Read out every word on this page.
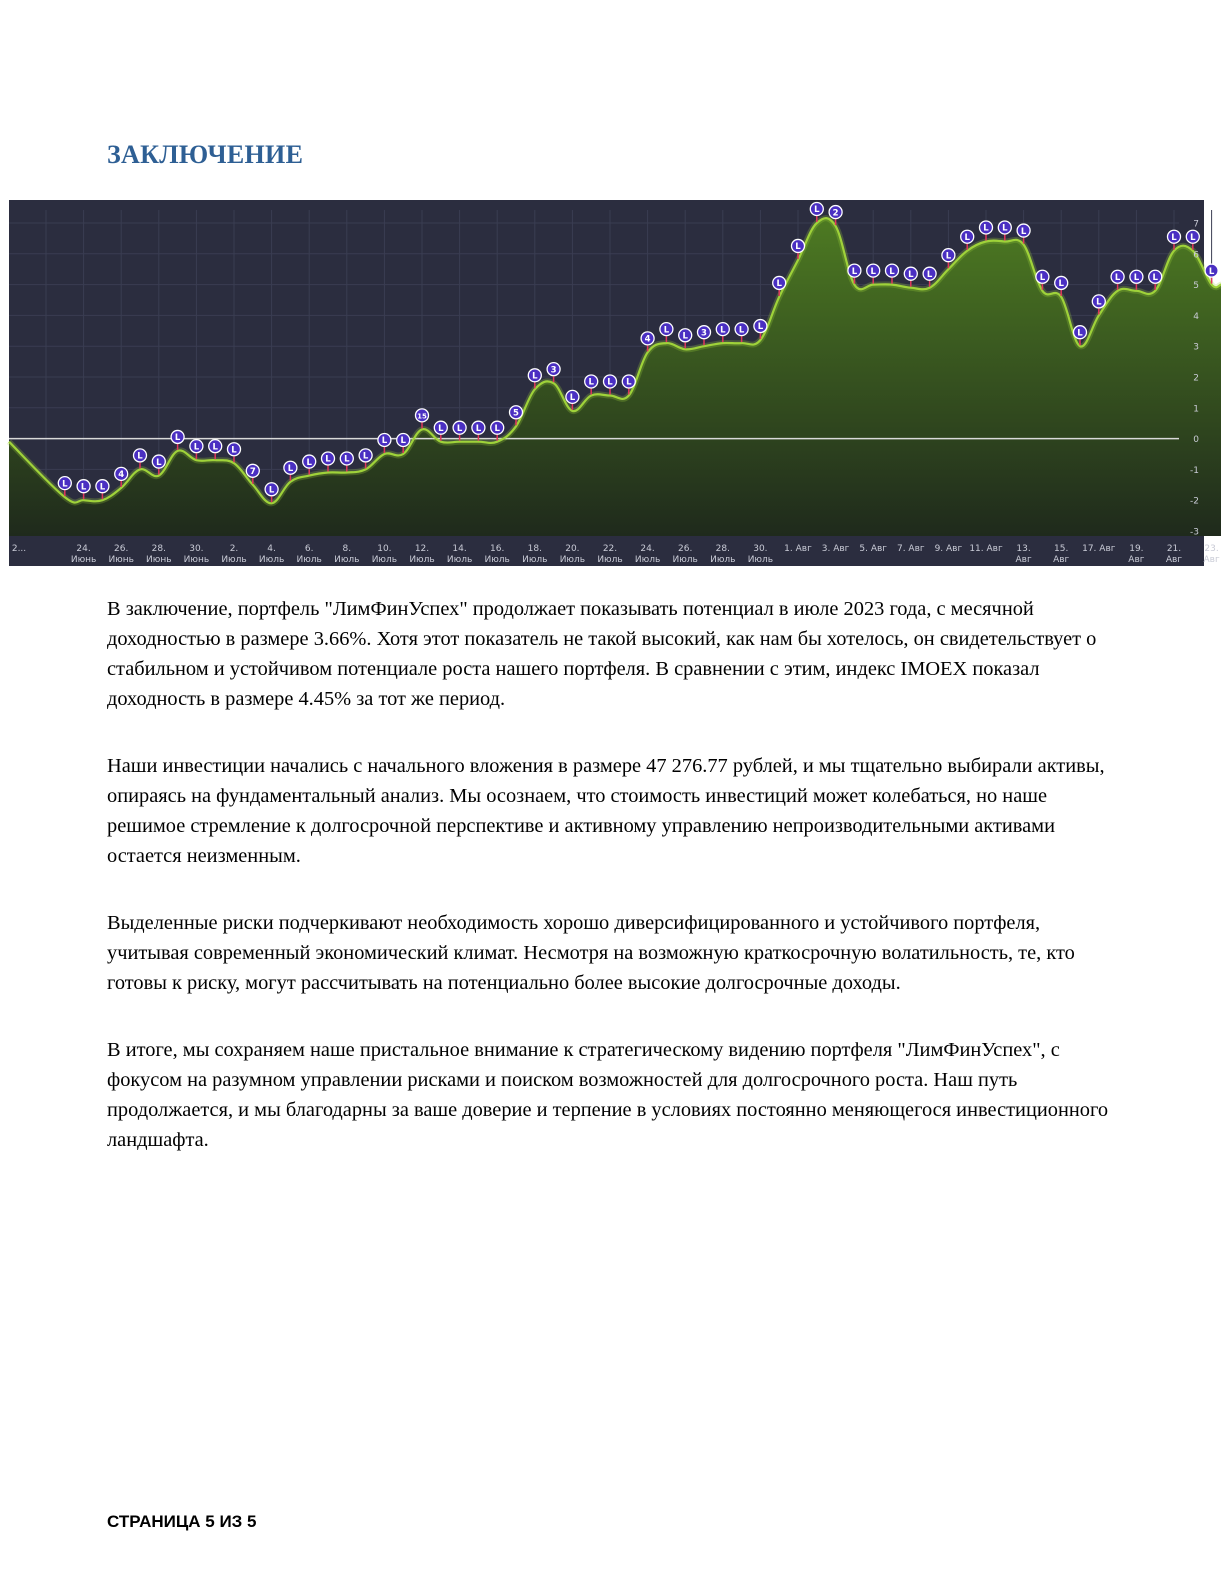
ЗАКЛЮЧЕНИЕ
L L L
4
L
L
L
L L L
7
L
L
L L L L
L L
15
L L L L
5
L
3
L
L L L
4
L
L 3 L L L
L
L
L 2
L L L L L
L
L
L L L
L
L
L
L
L L L
L L
L
-3
-2
-1
0
1
2
3
4
5
6
7
2...	24.
Июнь
26.
Июнь
28.
Июнь
30.
Июнь
2.
Июль
4.
Июль
6.
Июль
8.
Июль
10.
Июль
12.
Июль
14.
Июль
16.
Июль
18.
Июль
20.
Июль
22.
Июль
24.
Июль
26.
Июль
28.
Июль
30.
Июль
1. Авг 3. Авг 5. Авг 7. Авг 9. Авг 11. Авг 13.
Авг
15.
Авг
17. Авг 19.
Авг
21.
Авг
23.
Авг

В заключение, портфель "ЛимФинУспех" продолжает показывать потенциал в июле 2023 года, с месячной доходностью в размере 3.66%. Хотя этот показатель не такой высокий, как нам бы хотелось, он свидетельствует о стабильном и устойчивом потенциале роста нашего портфеля. В сравнении с этим, индекс IMOEX показал доходность в размере 4.45% за тот же период.

Наши инвестиции начались с начального вложения в размере 47 276.77 рублей, и мы тщательно выбирали активы, опираясь на фундаментальный анализ. Мы осознаем, что стоимость инвестиций может колебаться, но наше решимое стремление к долгосрочной перспективе и активному управлению непроизводительными активами остается неизменным.

Выделенные риски подчеркивают необходимость хорошо диверсифицированного и устойчивого портфеля, учитывая современный экономический климат. Несмотря на возможную краткосрочную волатильность, те, кто готовы к риску, могут рассчитывать на потенциально более высокие долгосрочные доходы.

В итоге, мы сохраняем наше пристальное внимание к стратегическому видению портфеля "ЛимФинУспех", с фокусом на разумном управлении рисками и поиском возможностей для долгосрочного роста. Наш путь продолжается, и мы благодарны за ваше доверие и терпение в условиях постоянно меняющегося инвестиционного ландшафта.

СТРАНИЦА 5 ИЗ 5
